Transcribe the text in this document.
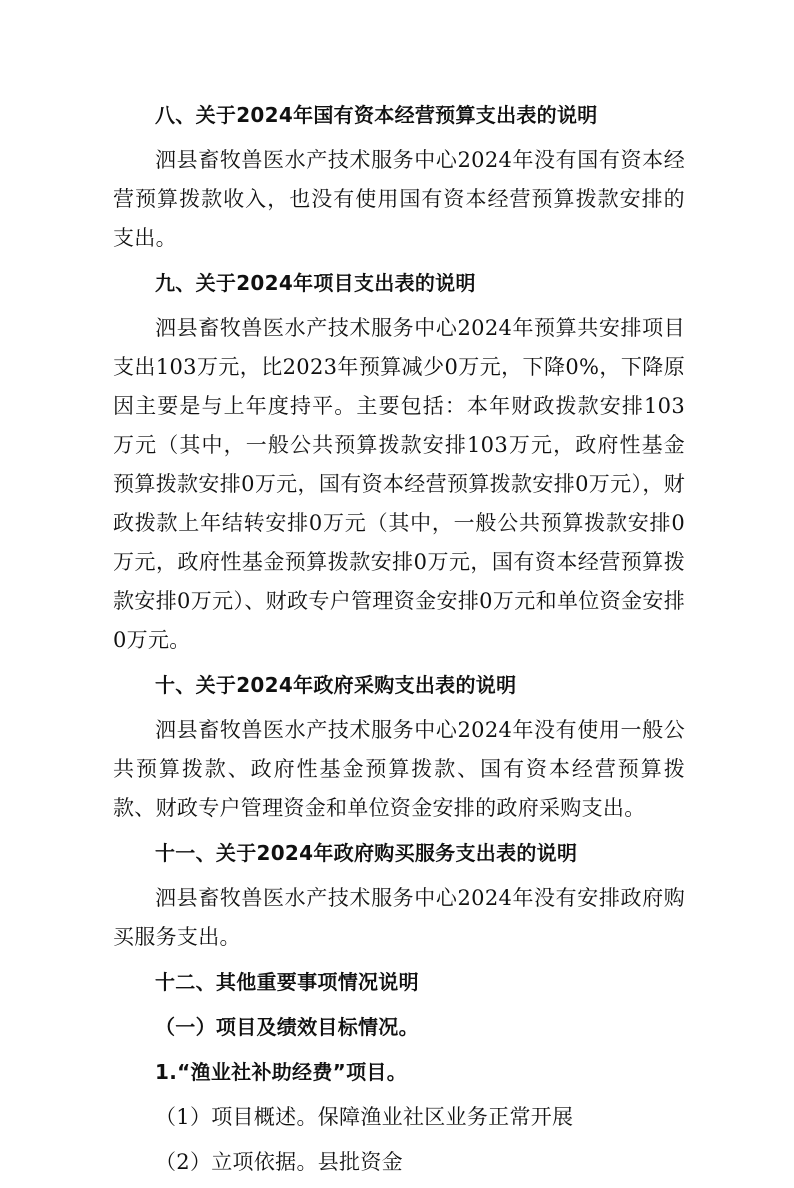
八、关于2024年国有资本经营预算支出表的说明

泗县畜牧兽医水产技术服务中心2024年没有国有资本经营预算拨款收入，也没有使用国有资本经营预算拨款安排的支出。

九、关于2024年项目支出表的说明

泗县畜牧兽医水产技术服务中心2024年预算共安排项目支出103万元，比2023年预算减少0万元，下降0%，下降原因主要是与上年度持平。主要包括：本年财政拨款安排103万元（其中，一般公共预算拨款安排103万元，政府性基金预算拨款安排0万元，国有资本经营预算拨款安排0万元），财政拨款上年结转安排0万元（其中，一般公共预算拨款安排0万元，政府性基金预算拨款安排0万元，国有资本经营预算拨款安排0万元）、财政专户管理资金安排0万元和单位资金安排0万元。

十、关于2024年政府采购支出表的说明

泗县畜牧兽医水产技术服务中心2024年没有使用一般公共预算拨款、政府性基金预算拨款、国有资本经营预算拨款、财政专户管理资金和单位资金安排的政府采购支出。

十一、关于2024年政府购买服务支出表的说明

泗县畜牧兽医水产技术服务中心2024年没有安排政府购买服务支出。

十二、其他重要事项情况说明

（一）项目及绩效目标情况。

1.“渔业社补助经费”项目。

（1）项目概述。保障渔业社区业务正常开展

（2）立项依据。县批资金
